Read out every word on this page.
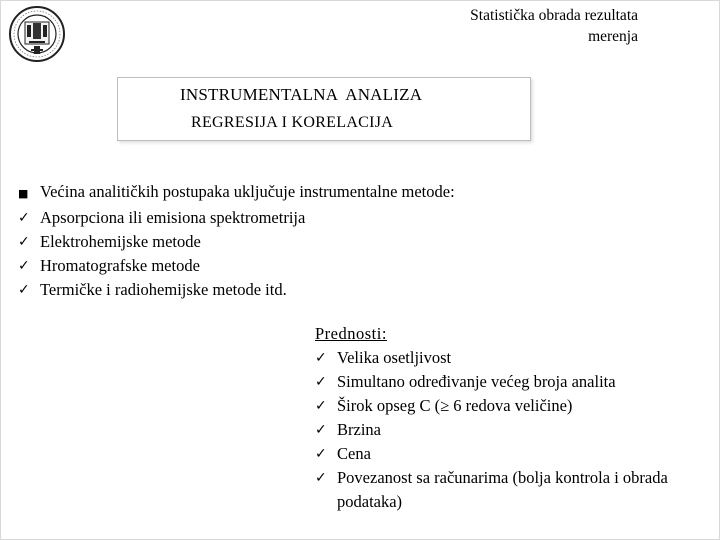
Statistička obrada rezultata

merenja
INSTRUMENTALNA  ANALIZA
REGRESIJA I KORELACIJA
■ Većina analitičkih postupaka uključuje instrumentalne metode:
✓ Apsorpciona ili emisiona spektrometrija
✓ Elektrohemijske metode
✓ Hromatografske metode
✓ Termičke i radiohemijske metode itd.
Prednosti:
✓ Velika osetljivost
✓ Simultano određivanje većeg broja analita
✓ Širok opseg C (≥ 6 redova veličine)
✓ Brzina
✓ Cena
✓ Povezanost sa računarima (bolja kontrola i obrada podataka)
